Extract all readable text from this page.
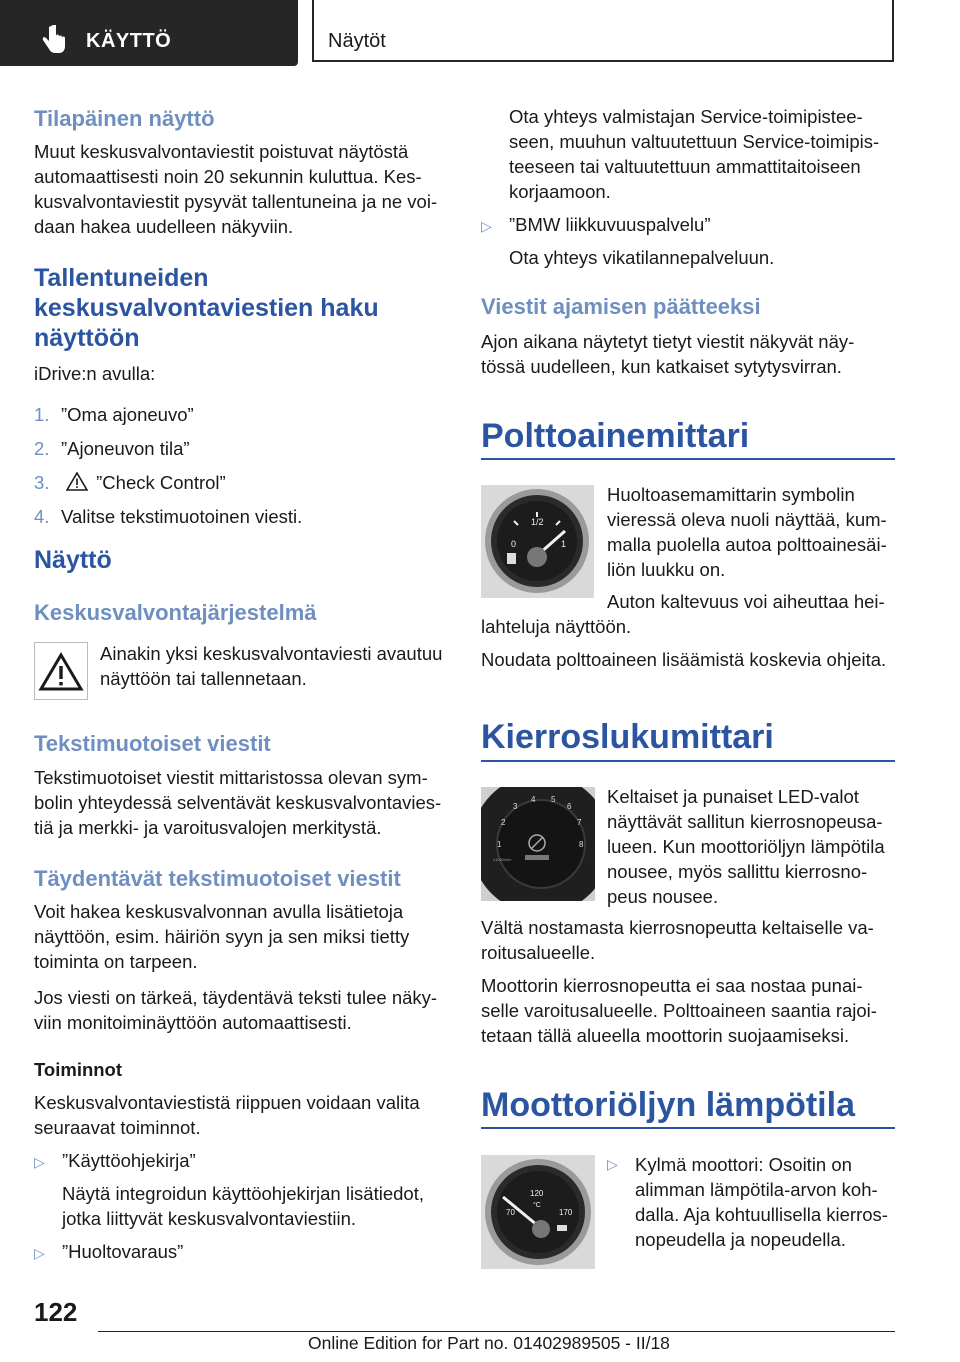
KÄYTTÖ	Näytöt
Tilapäinen näyttö
Muut keskusvalvontaviestit poistuvat näytöstä
automaattisesti noin 20 sekunnin kuluttua. Kes-
kusvalvontaviestit pysyvät tallentuneina ja ne voi-
daan hakea uudelleen näkyviin.
Tallentuneiden
keskusvalvontaviestien haku
näyttöön
iDrive:n avulla:
1. ”Oma ajoneuvo”
2. ”Ajoneuvon tila”
3.	”Check Control”
4. Valitse tekstimuotoinen viesti.
Näyttö
Keskusvalvontajärjestelmä
Ainakin yksi keskusvalvontaviesti avautuu
näyttöön tai tallennetaan.
Tekstimuotoiset viestit
Tekstimuotoiset viestit mittaristossa olevan sym-
bolin yhteydessä selventävät keskusvalvontavies-
tiä ja merkki- ja varoitusvalojen merkitystä.
Täydentävät tekstimuotoiset viestit
Voit hakea keskusvalvonnan avulla lisätietoja
näyttöön, esim. häiriön syyn ja sen miksi tietty
toiminta on tarpeen.
Jos viesti on tärkeä, täydentävä teksti tulee näky-
viin monitoiminäyttöön automaattisesti.
Toiminnot
Keskusvalvontaviestistä riippuen voidaan valita
seuraavat toiminnot.
▷ ”Käyttöohjekirja”
Näytä integroidun käyttöohjekirjan lisätiedot,
jotka liittyvät keskusvalvontaviestiin.
▷ ”Huoltovaraus”
Ota yhteys valmistajan Service-toimipistee-
seen, muuhun valtuutettuun Service-toimipis-
teeseen tai valtuutettuun ammattitaitoiseen
korjaamoon.
▷ ”BMW liikkuvuuspalvelu”
Ota yhteys vikatilannepalveluun.
Viestit ajamisen päätteeksi
Ajon aikana näytetyt tietyt viestit näkyvät näy-
tössä uudelleen, kun katkaiset sytytysvirran.
Polttoainemittari
0
1/2
1
Huoltoasemamittarin symbolin
vieressä oleva nuoli näyttää, kum-
malla puolella autoa polttoainesäi-
liön luukku on.
Auton kaltevuus voi aiheuttaa hei-
lahteluja näyttöön.
Noudata polttoaineen lisäämistä koskevia ohjeita.
Kierroslukumittari
1
2
3
4 5
6
7
8
x1000/min
Keltaiset ja punaiset LED-valot
näyttävät sallitun kierrosnopeusa-
lueen. Kun moottoriöljyn lämpötila
nousee, myös sallittu kierrosno-
peus nousee.
Vältä nostamasta kierrosnopeutta keltaiselle va-
roitusalueelle.
Moottorin kierrosnopeutta ei saa nostaa punai-
selle varoitusalueelle. Polttoaineen saantia rajoi-
tetaan tällä alueella moottorin suojaamiseksi.
Moottoriöljyn lämpötila
70
120
°C
170
▷ Kylmä moottori: Osoitin on
alimman lämpötila-arvon koh-
dalla. Aja kohtuullisella kierros-
nopeudella ja nopeudella.
122
Online Edition for Part no. 01402989505 - II/18
